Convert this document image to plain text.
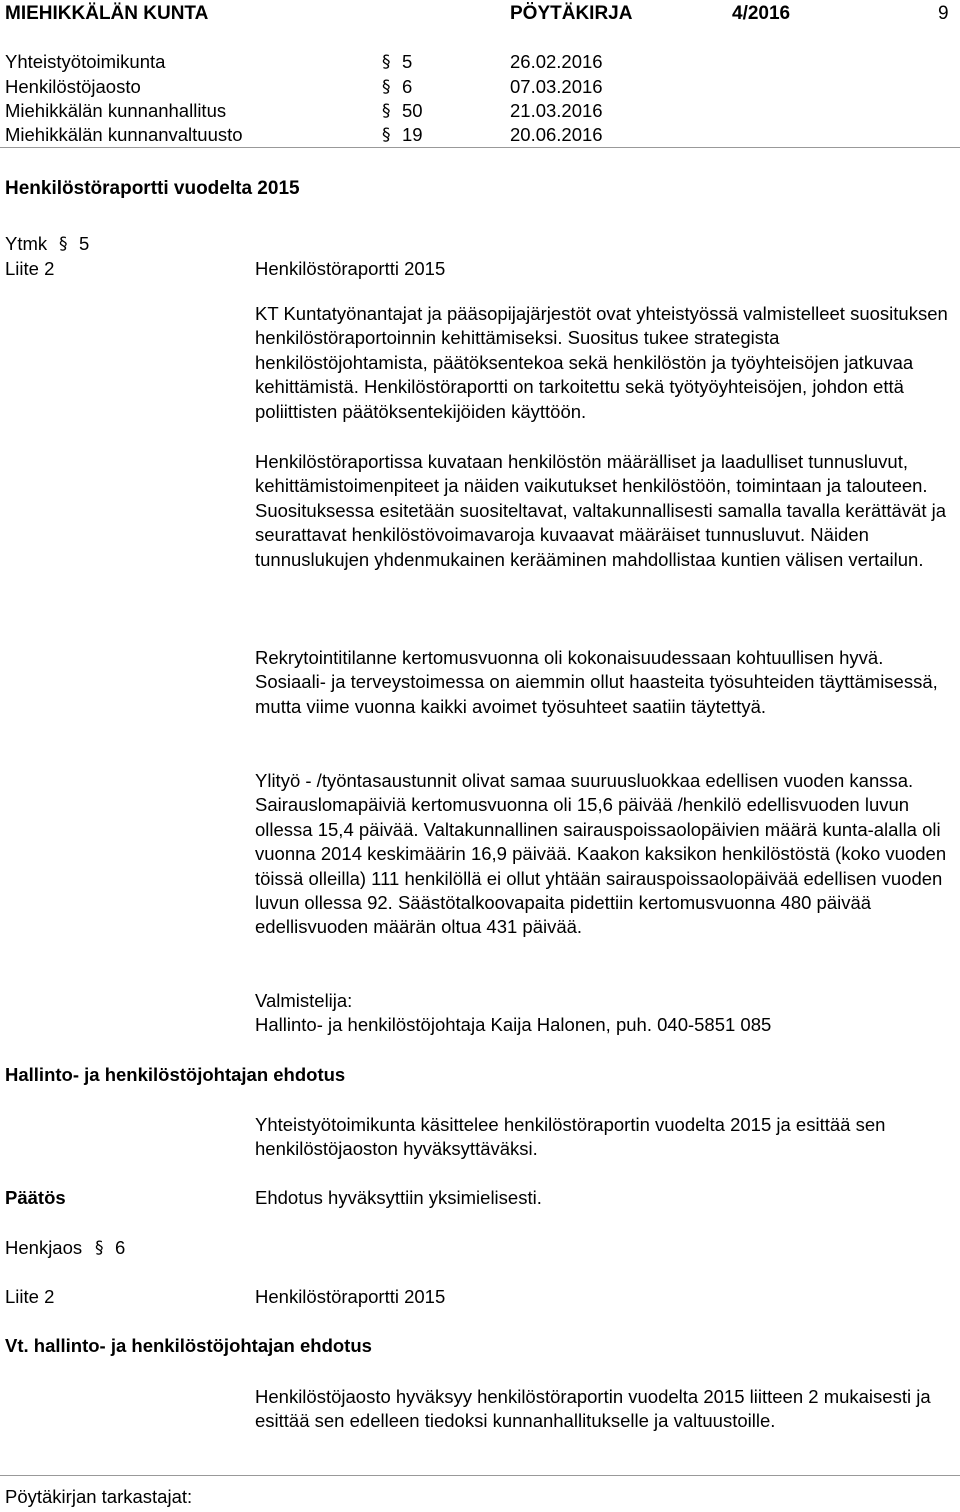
MIEHIKKÄLÄN KUNTA	PÖYTÄKIRJA	4/2016	9
Yhteistyötoimikunta	§ 5	26.02.2016
Henkilöstöjaosto	§ 6	07.03.2016
Miehikkälän kunnanhallitus	§ 50	21.03.2016
Miehikkälän kunnanvaltuusto	§ 19	20.06.2016
Henkilöstöraportti vuodelta 2015
Ytmk § 5
Liite 2	Henkilöstöraportti 2015

KT Kuntatyönantajat ja pääsopijajärjestöt ovat yhteistyössä valmistelleet suosituksen henkilöstöraportoinnin kehittämiseksi. Suositus tukee strategista henkilöstöjohtamista, päätöksentekoa sekä henkilöstön ja työyhteisöjen jatkuvaa kehittämistä. Henkilöstöraportti on tarkoitettu sekä työtyöyhteisöjen, johdon että poliittisten päätöksentekijöiden käyttöön.

Henkilöstöraportissa kuvataan henkilöstön määrälliset ja laadulliset tunnusluvut, kehittämistoimenpiteet ja näiden vaikutukset henkilöstöön, toimintaan ja talouteen. Suosituksessa esitetään suositeltavat, valtakunnallisesti samalla tavalla kerättävät ja seurattavat henkilöstövoimavaroja kuvaavat määräiset tunnusluvut. Näiden tunnuslukujen yhdenmukainen kerääminen mahdollistaa kuntien välisen vertailun.

Rekrytointitilanne kertomusvuonna oli kokonaisuudessaan kohtuullisen hyvä. Sosiaali- ja terveystoimessa on aiemmin ollut haasteita työsuhteiden täyttämisessä, mutta viime vuonna kaikki avoimet työsuhteet saatiin täytettyä.

Ylityö - /työntasaustunnit olivat samaa suuruusluokkaa edellisen vuoden kanssa. Sairauslomapäiviä kertomusvuonna oli 15,6 päivää /henkilö edellisvuoden luvun ollessa 15,4 päivää. Valtakunnallinen sairauspoissaolopäivien määrä kunta-alalla oli vuonna 2014 keskimäärin 16,9 päivää. Kaakon kaksikon henkilöstöstä (koko vuoden töissä olleilla) 111 henkilöllä ei ollut yhtään sairauspoissaolopäivää edellisen vuoden luvun ollessa 92. Säästötalkoovapaita pidettiin kertomusvuonna 480 päivää edellisvuoden määrän oltua 431 päivää.

Valmistelija:
Hallinto- ja henkilöstöjohtaja Kaija Halonen, puh. 040-5851 085
Hallinto- ja henkilöstöjohtajan ehdotus

Yhteistyötoimikunta käsittelee henkilöstöraportin vuodelta 2015 ja esittää sen henkilöstöjaoston hyväksyttäväksi.

Päätös	Ehdotus hyväksyttiin yksimielisesti.
Henkjaos § 6
Liite 2	Henkilöstöraportti 2015
Vt. hallinto- ja henkilöstöjohtajan ehdotus

Henkilöstöjaosto hyväksyy henkilöstöraportin vuodelta 2015 liitteen 2 mukaisesti ja esittää sen edelleen tiedoksi kunnanhallitukselle ja valtuustoille.

Pöytäkirjan tarkastajat:
